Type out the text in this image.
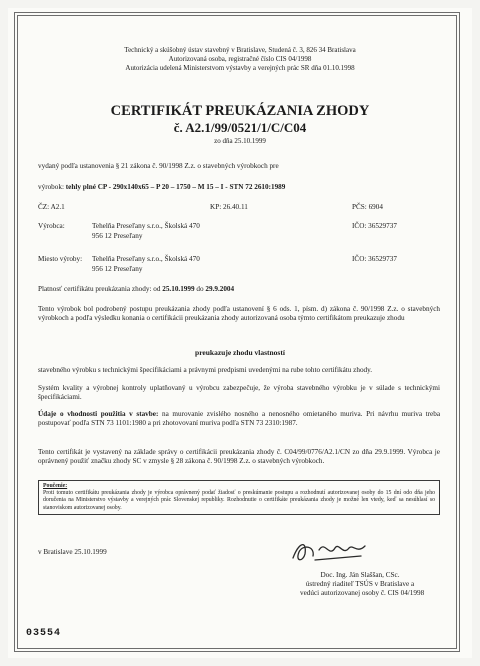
Technický a skúšobný ústav stavebný v Bratislave, Studená č. 3, 826 34 Bratislava
Autorizovaná osoba, registračné číslo CIS 04/1998
Autorizácia udelená Ministerstvom výstavby a verejných prác SR dňa 01.10.1998
CERTIFIKÁT PREUKÁZANIA ZHODY
č. A2.1/99/0521/1/C/C04
zo dňa 25.10.1999
vydaný podľa ustanovenia § 21 zákona č. 90/1998 Z.z. o stavebných výrobkoch pre
výrobok: tehly plné CP - 290x140x65 – P 20 – 1750 – M 15 – I - STN 72 2610:1989
ČZ: A2.1	KP: 26.40.11	PČS: 6904
Výrobca:	Tehelňa Preseľany s.r.o., Školská 470
956 12 Preseľany
IČO: 36529737
Miesto výroby: Tehelňa Preseľany s.r.o., Školská 470
956 12 Preseľany
IČO: 36529737
Platnosť certifikátu preukázania zhody: od 25.10.1999 do 29.9.2004
Tento výrobok bol podrobený postupu preukázania zhody podľa ustanovení § 6 ods. 1, písm. d) zákona č. 90/1998 Z.z. o stavebných výrobkoch a podľa výsledku konania o certifikácii preukázania zhody autorizovaná osoba týmto certifikátom preukazuje zhodu
preukazuje zhodu vlastností
stavebného výrobku s technickými špecifikáciami a právnymi predpismi uvedenými na rube tohto certifikátu zhody.
Systém kvality a výrobnej kontroly uplatňovaný u výrobcu zabezpečuje, že výroba stavebného výrobku je v súlade s technickými špecifikáciami.
Údaje o vhodnosti použitia v stavbe: na murovanie zvislého nosného a nenosného omietaného muriva. Pri návrhu muriva treba postupovať podľa STN 73 1101:1980 a pri zhotovovaní muriva podľa STN 73 2310:1987.
Tento certifikát je vystavený na základe správy o certifikácii preukázania zhody č. C04/99/0776/A2.1/CN zo dňa 29.9.1999. Výrobca je oprávnený použiť značku zhody SC v zmysle § 28 zákona č. 90/1998 Z.z. o stavebných výrobkoch.
Poučenie:
Proti tomuto certifikátu preukázania zhody je výrobca oprávnený podať žiadosť o preskúmanie postupu a rozhodnutí autorizovanej osoby do 15 dní odo dňa jeho doručenia na Ministerstvo výstavby a verejných prác Slovenskej republiky. Rozhodnutie o certifikáte preukázania zhody je možné len vtedy, keď sa nesúhlasí so stanoviskom autorizovanej osoby.
v Bratislave 25.10.1999
Doc. Ing. Ján Slaššan, CSc.
ústredný riaditeľ TSÚS v Bratislave a
vedúci autorizovanej osoby č. CIS 04/1998
03554
